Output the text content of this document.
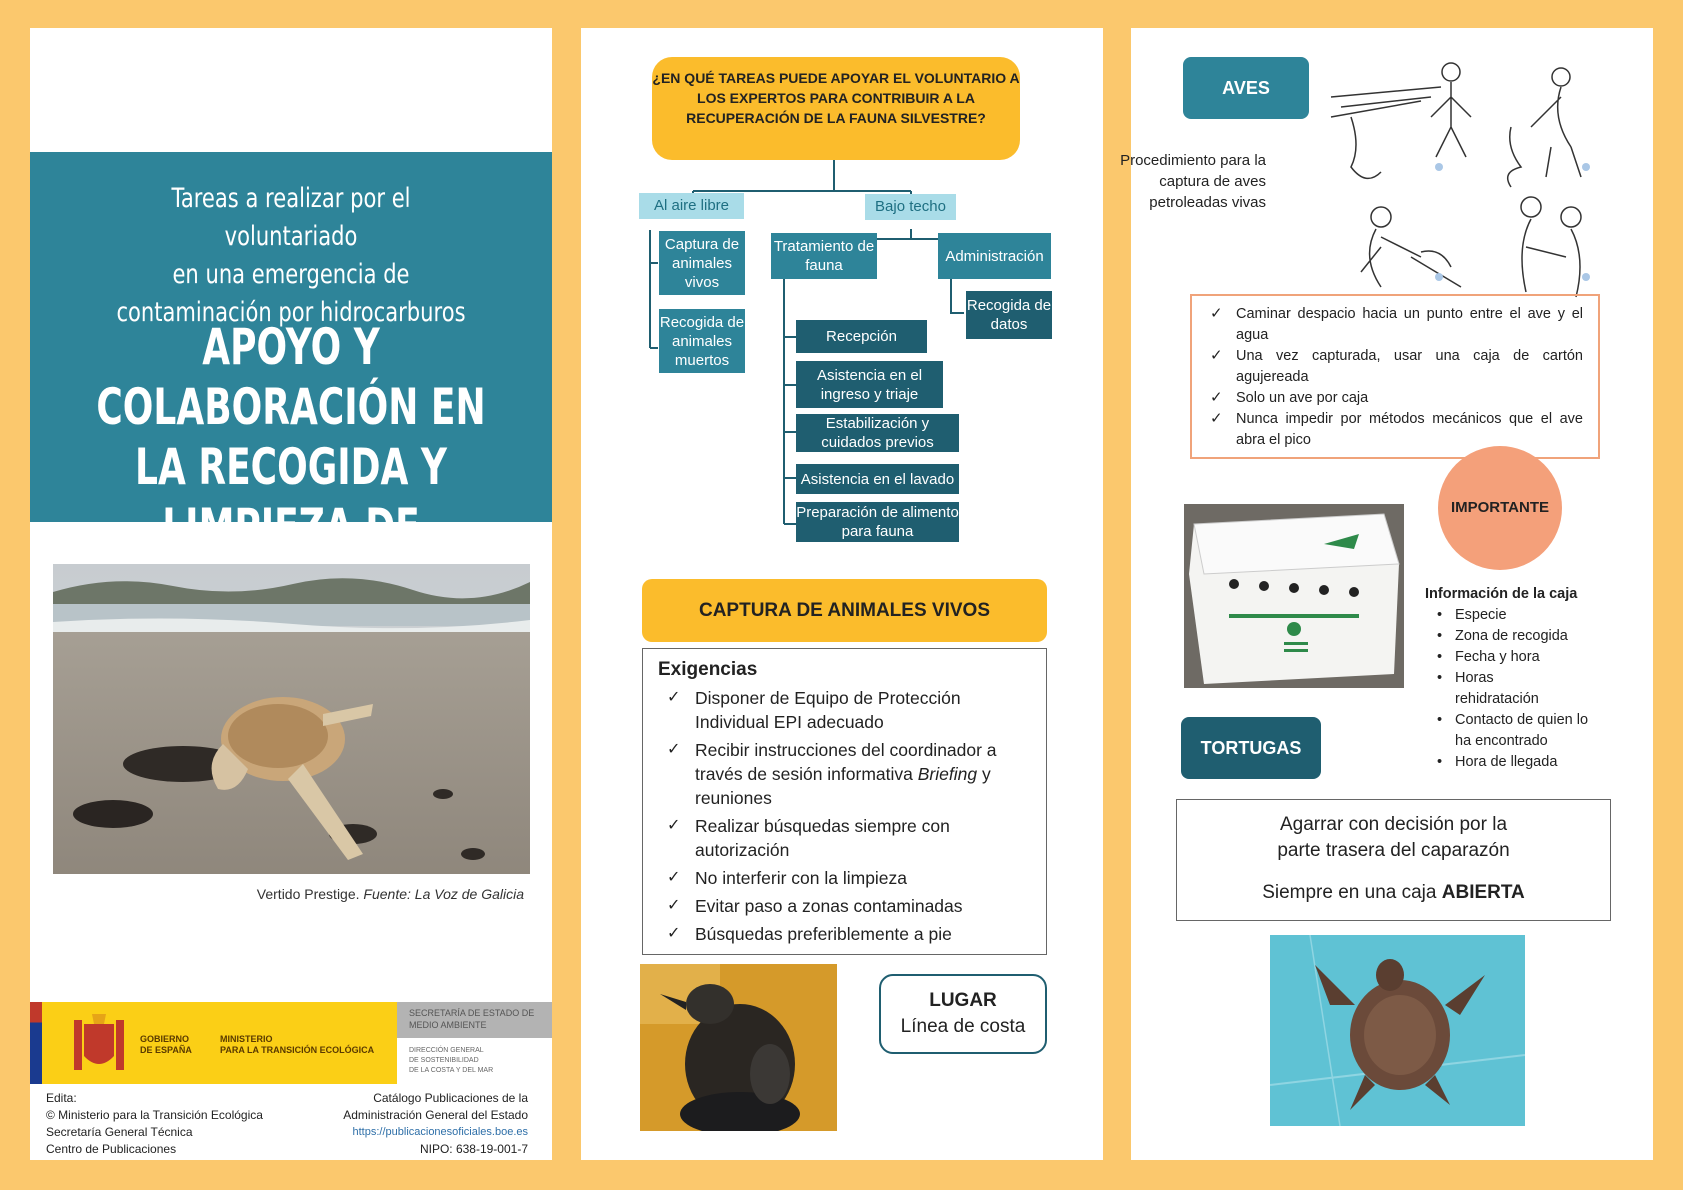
Tareas a realizar por el voluntariado
en una emergencia de
contaminación por hidrocarburos
APOYO Y COLABORACIÓN EN
LA RECOGIDA Y LIMPIEZA DE

Vertido Prestige. Fuente: La Voz de Galicia
GOBIERNO
DE ESPAÑA
MINISTERIO
PARA LA TRANSICIÓN ECOLÓGICA
SECRETARÍA DE ESTADO DE MEDIO AMBIENTE
DIRECCIÓN GENERAL
DE SOSTENIBILIDAD
DE LA COSTA Y DEL MAR
Edita:
© Ministerio para la Transición Ecológica
Secretaría General Técnica
Centro de Publicaciones
Catálogo Publicaciones de la
Administración General del Estado
https://publicacionesoficiales.boe.es
NIPO: 638-19-001-7
¿EN QUÉ TAREAS PUEDE APOYAR EL VOLUNTARIO A LOS EXPERTOS PARA CONTRIBUIR A LA RECUPERACIÓN DE LA FAUNA SILVESTRE?
Al aire libre	Bajo techo
Captura de animales vivos
Recogida de animales muertos
Tratamiento de fauna
Administración
Recogida de datos
Recepción
Asistencia en el ingreso y triaje
Estabilización y cuidados previos
Asistencia en el lavado
Preparación de alimento para fauna
CAPTURA DE ANIMALES VIVOS
Exigencias
✓ Disponer de Equipo de Protección Individual EPI adecuado
✓ Recibir instrucciones del coordinador a través de sesión informativa Briefing y reuniones
✓ Realizar búsquedas siempre con autorización
✓ No interferir con la limpieza
✓ Evitar paso a zonas contaminadas
✓ Búsquedas preferiblemente a pie
LUGAR
Línea de costa
AVES
Procedimiento para la captura de aves petroleadas vivas
✓ Caminar despacio hacia un punto entre el ave y el agua
✓ Una vez capturada, usar una caja de cartón agujereada
✓ Solo un ave por caja
✓ Nunca impedir por métodos mecánicos que el ave abra el pico
IMPORTANTE
Información de la caja
• Especie
• Zona de recogida
• Fecha y hora
• Horas rehidratación
• Contacto de quien lo ha encontrado
• Hora de llegada
TORTUGAS
Agarrar con decisión por la
parte trasera del caparazón
Siempre en una caja ABIERTA
